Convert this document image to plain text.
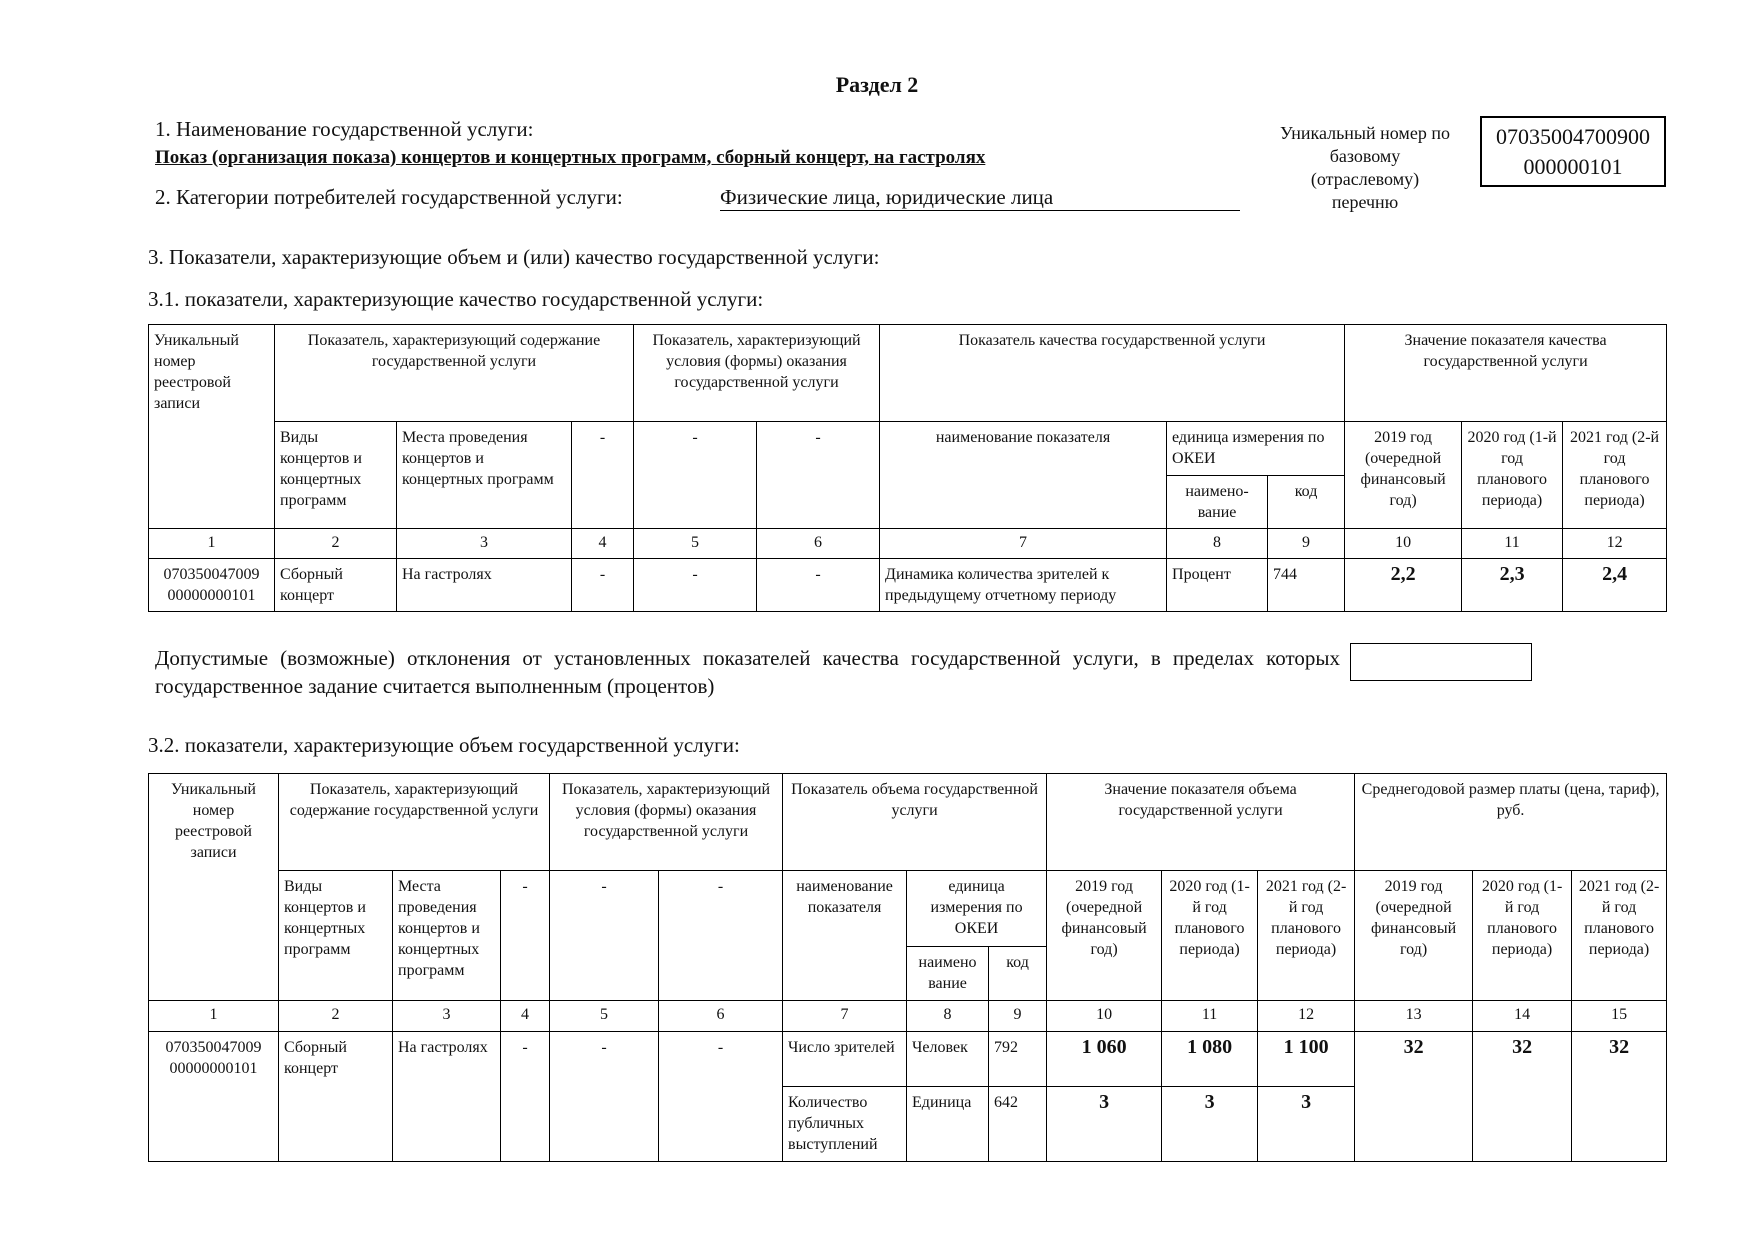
Раздел 2
1. Наименование государственной услуги:
Показ (организация показа) концертов и концертных программ, сборный концерт, на гастролях
2. Категории потребителей государственной услуги:	Физические лица, юридические лица
Уникальный номер по
базовому
(отраслевому)
перечню
07035004700900
000000101
3. Показатели, характеризующие объем и (или) качество государственной услуги:
3.1. показатели, характеризующие качество государственной услуги:
Уникальный номер реестровой записи	Показатель, характеризующий содержание государственной услуги			Показатель, характеризующий условия (формы) оказания государственной услуги		Показатель качества государственной услуги			Значение показателя качества государственной услуги		
	Виды концертов и концертных программ	Места проведения концертов и концертных программ	-	-	-	наименование показателя	единица измерения по ОКЕИ		2019 год (очередной финансовый год)	2020 год (1-й год планового периода)	2021 год (2-й год планового периода)
							наимено-вание	код			
1	2	3	4	5	6	7	8	9	10	11	12
070350047009 00000000101	Сборный концерт	На гастролях	-	-	-	Динамика количества зрителей к предыдущему отчетному периоду	Процент	744	2,2	2,3	2,4
Допустимые (возможные) отклонения от установленных показателей качества государственной услуги, в пределах которых государственное задание считается выполненным (процентов)
3.2. показатели, характеризующие объем государственной услуги:
Уникальный номер реестровой записи	Показатель, характеризующий содержание государственной услуги			Показатель, характеризующий условия (формы) оказания государственной услуги		Показатель объема государственной услуги			Значение показателя объема государственной услуги			Среднегодовой размер платы (цена, тариф), руб.		
	Виды концертов и концертных программ	Места проведения концертов и концертных программ	-	-	-	наименование показателя	единица измерения по ОКЕИ		2019 год (очередной финансовый год)	2020 год (1-й год планового периода)	2021 год (2-й год планового периода)	2019 год (очередной финансовый год)	2020 год (1-й год планового периода)	2021 год (2-й год планового периода)
							наимено вание	код						
1	2	3	4	5	6	7	8	9	10	11	12	13	14	15
070350047009 00000000101	Сборный концерт	На гастролях	-	-	-	Число зрителей	Человек	792	1 060	1 080	1 100	32	32	32
						Количество публичных выступлений	Единица	642	3	3	3			
